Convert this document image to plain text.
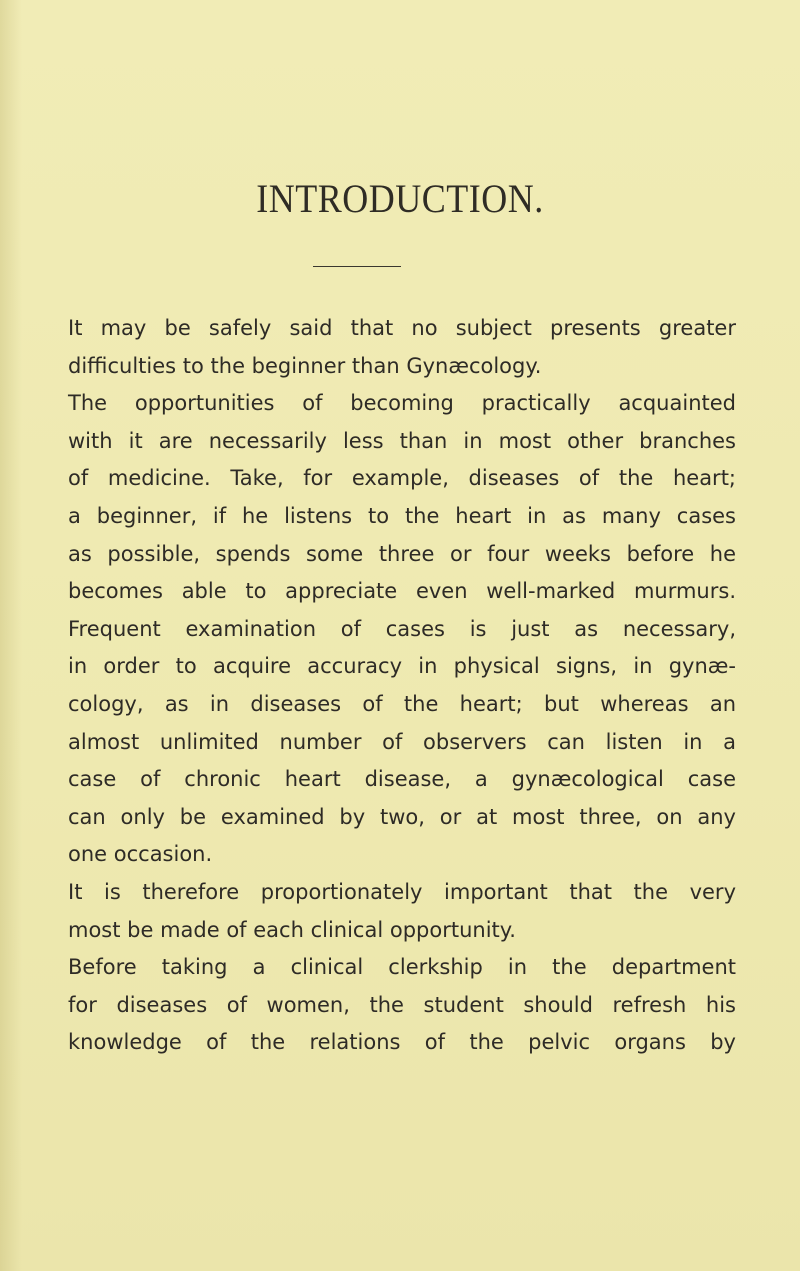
INTRODUCTION.
It may be safely said that no subject presents greater
difficulties to the beginner than Gynæcology.
The opportunities of becoming practically acquainted
with it are necessarily less than in most other branches
of medicine. Take, for example, diseases of the heart;
a beginner, if he listens to the heart in as many cases
as possible, spends some three or four weeks before he
becomes able to appreciate even well-marked murmurs.
Frequent examination of cases is just as necessary,
in order to acquire accuracy in physical signs, in gynæ-
cology, as in diseases of the heart; but whereas an
almost unlimited number of observers can listen in a
case of chronic heart disease, a gynæcological case
can only be examined by two, or at most three, on any
one occasion.
It is therefore proportionately important that the very
most be made of each clinical opportunity.
Before taking a clinical clerkship in the department
for diseases of women, the student should refresh his
knowledge of the relations of the pelvic organs by
